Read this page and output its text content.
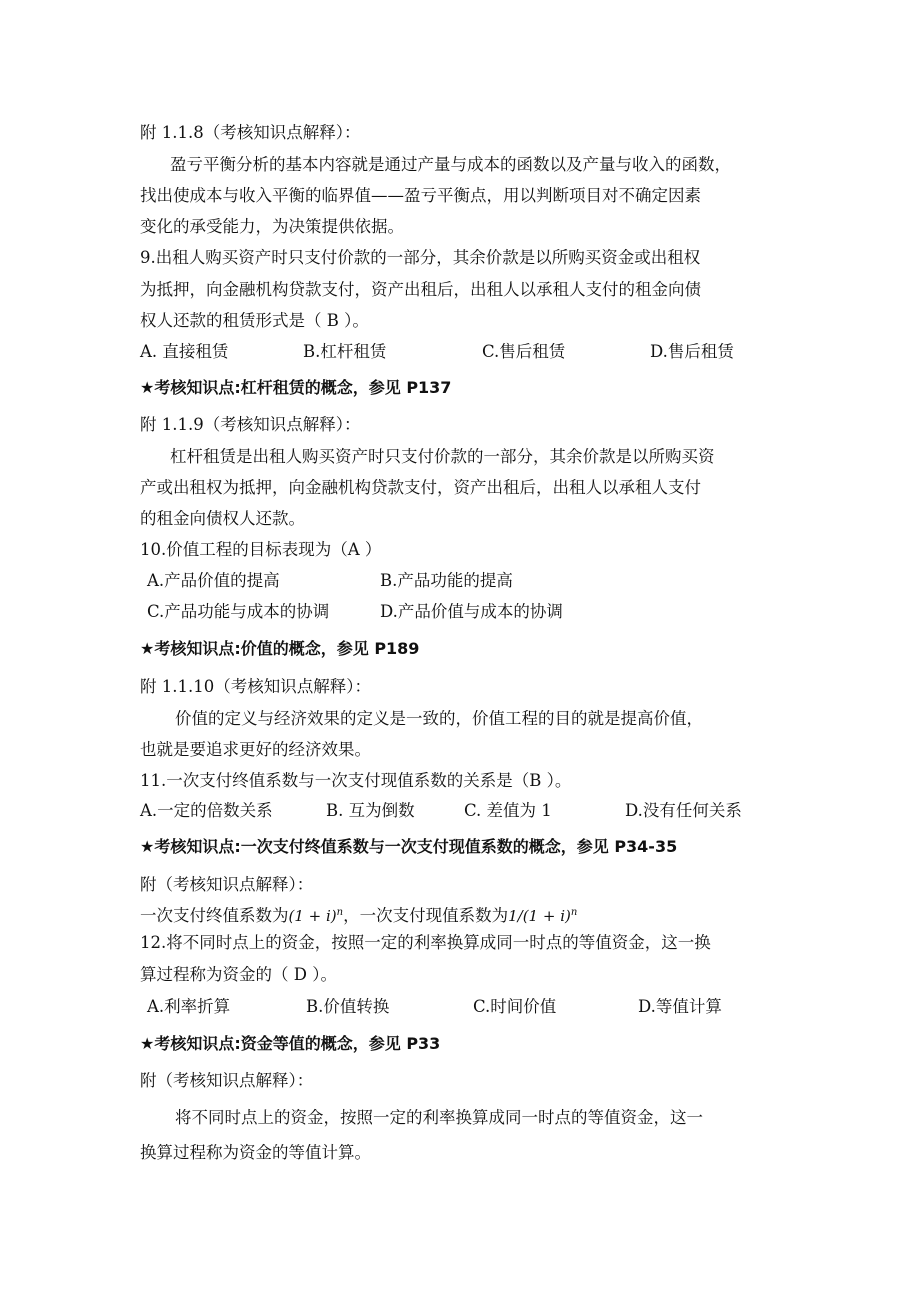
附 1.1.8（考核知识点解释）：
盈亏平衡分析的基本内容就是通过产量与成本的函数以及产量与收入的函数，
找出使成本与收入平衡的临界值——盈亏平衡点，用以判断项目对不确定因素
变化的承受能力，为决策提供依据。
9.出租人购买资产时只支付价款的一部分，其余价款是以所购买资金或出租权
为抵押，向金融机构贷款支付，资产出租后，出租人以承租人支付的租金向债
权人还款的租赁形式是（ B ）。
A. 直接租赁	B.杠杆租赁	C.售后租赁	D.售后租赁
★考核知识点:杠杆租赁的概念，参见 P137
附 1.1.9（考核知识点解释）：
杠杆租赁是出租人购买资产时只支付价款的一部分，其余价款是以所购买资
产或出租权为抵押，向金融机构贷款支付，资产出租后，出租人以承租人支付
的租金向债权人还款。
10.价值工程的目标表现为（A ）
A.产品价值的提高	B.产品功能的提高
C.产品功能与成本的协调	D.产品价值与成本的协调
★考核知识点:价值的概念，参见 P189
附 1.1.10（考核知识点解释）：
价值的定义与经济效果的定义是一致的，价值工程的目的就是提高价值，
也就是要追求更好的经济效果。
11.一次支付终值系数与一次支付现值系数的关系是（B ）。
A.一定的倍数关系	B. 互为倒数	C. 差值为 1	D.没有任何关系
★考核知识点:一次支付终值系数与一次支付现值系数的概念，参见 P34-35
附（考核知识点解释）：
一次支付终值系数为$(1 + i)^n$，一次支付现值系数为$1/(1 + i)^n$
12.将不同时点上的资金，按照一定的利率换算成同一时点的等值资金，这一换
算过程称为资金的（ D ）。
A.利率折算	B.价值转换	C.时间价值	D.等值计算
★考核知识点:资金等值的概念，参见 P33
附（考核知识点解释）：
将不同时点上的资金，按照一定的利率换算成同一时点的等值资金，这一
换算过程称为资金的等值计算。
